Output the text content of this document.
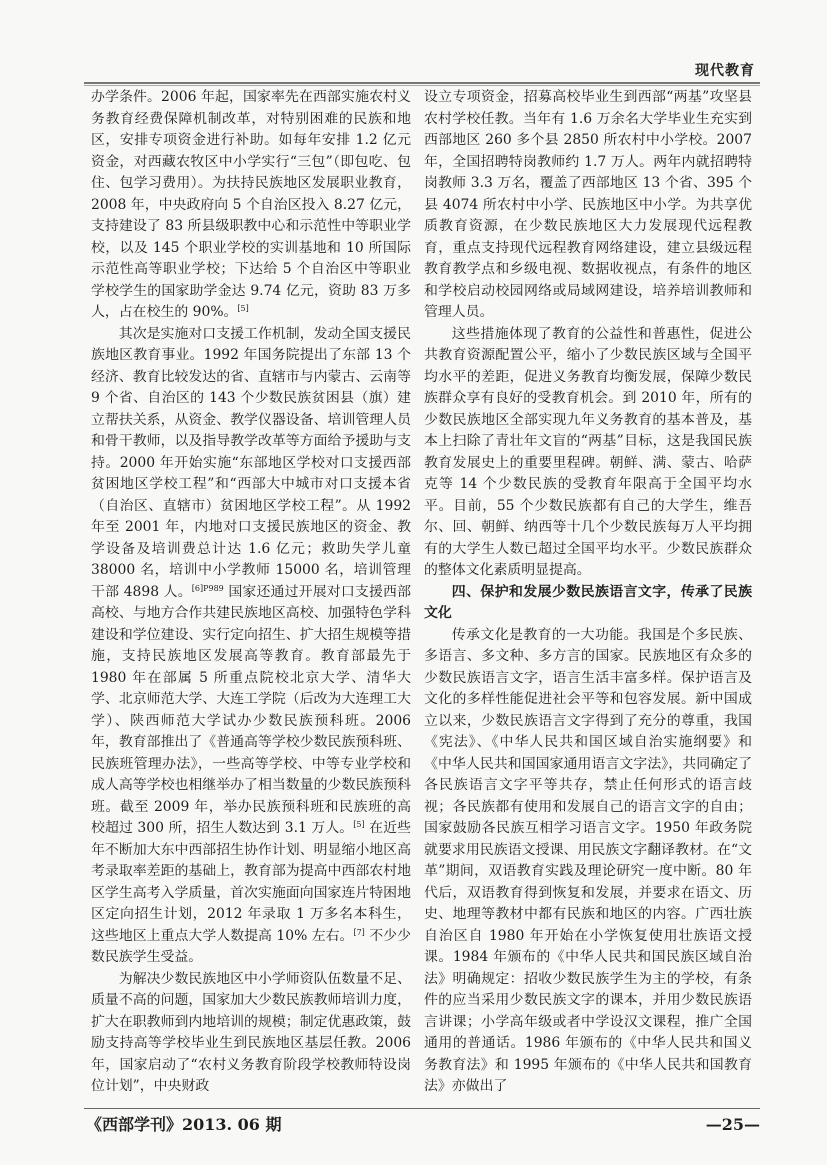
现代教育

办学条件。2006 年起，国家率先在西部实施农村义务教育经费保障机制改革，对特别困难的民族和地区，安排专项资金进行补助。如每年安排 1.2 亿元资金，对西藏农牧区中小学实行“三包”（即包吃、包住、包学习费用）。为扶持民族地区发展职业教育，2008 年，中央政府向 5 个自治区投入 8.27 亿元，支持建设了 83 所县级职教中心和示范性中等职业学校，以及 145 个职业学校的实训基地和 10 所国际示范性高等职业学校；下达给 5 个自治区中等职业学校学生的国家助学金达 9.74 亿元，资助 83 万多人，占在校生的 90%。[5]

其次是实施对口支援工作机制，发动全国支援民族地区教育事业。1992 年国务院提出了东部 13 个经济、教育比较发达的省、直辖市与内蒙古、云南等 9 个省、自治区的 143 个少数民族贫困县（旗）建立帮扶关系，从资金、教学仪器设备、培训管理人员和骨干教师，以及指导教学改革等方面给予援助与支持。2000 年开始实施“东部地区学校对口支援西部贫困地区学校工程”和“西部大中城市对口支援本省（自治区、直辖市）贫困地区学校工程”。从 1992 年至 2001 年，内地对口支援民族地区的资金、教学设备及培训费总计达 1.6 亿元；救助失学儿童 38000 名，培训中小学教师 15000 名，培训管理干部 4898 人。$^{[6]P989}$ 国家还通过开展对口支援西部高校、与地方合作共建民族地区高校、加强特色学科建设和学位建设、实行定向招生、扩大招生规模等措施，支持民族地区发展高等教育。教育部最先于 1980 年在部属 5 所重点院校北京大学、清华大学、北京师范大学、大连工学院（后改为大连理工大学）、陕西师范大学试办少数民族预科班。2006 年，教育部推出了《普通高等学校少数民族预科班、民族班管理办法》，一些高等学校、中等专业学校和成人高等学校也相继举办了相当数量的少数民族预科班。截至 2009 年，举办民族预科班和民族班的高校超过 300 所，招生人数达到 3.1 万人。[5] 在近些年不断加大东中西部招生协作计划、明显缩小地区高考录取率差距的基础上，教育部为提高中西部农村地区学生高考入学质量，首次实施面向国家连片特困地区定向招生计划，2012 年录取 1 万多名本科生，这些地区上重点大学人数提高 10% 左右。[7] 不少少数民族学生受益。

为解决少数民族地区中小学师资队伍数量不足、质量不高的问题，国家加大少数民族教师培训力度，扩大在职教师到内地培训的规模；制定优惠政策，鼓励支持高等学校毕业生到民族地区基层任教。2006 年，国家启动了“农村义务教育阶段学校教师特设岗位计划”，中央财政

设立专项资金，招募高校毕业生到西部“两基”攻坚县农村学校任教。当年有 1.6 万余名大学毕业生充实到西部地区 260 多个县 2850 所农村中小学校。2007 年，全国招聘特岗教师约 1.7 万人。两年内就招聘特岗教师 3.3 万名，覆盖了西部地区 13 个省、395 个县 4074 所农村中小学、民族地区中小学。为共享优质教育资源，在少数民族地区大力发展现代远程教育，重点支持现代远程教育网络建设，建立县级远程教育教学点和乡级电视、数据收视点，有条件的地区和学校启动校园网络或局域网建设，培养培训教师和管理人员。

这些措施体现了教育的公益性和普惠性，促进公共教育资源配置公平，缩小了少数民族区域与全国平均水平的差距，促进义务教育均衡发展，保障少数民族群众享有良好的受教育机会。到 2010 年，所有的少数民族地区全部实现九年义务教育的基本普及，基本上扫除了青壮年文盲的“两基”目标，这是我国民族教育发展史上的重要里程碑。朝鲜、满、蒙古、哈萨克等 14 个少数民族的受教育年限高于全国平均水平。目前，55 个少数民族都有自己的大学生，维吾尔、回、朝鲜、纳西等十几个少数民族每万人平均拥有的大学生人数已超过全国平均水平。少数民族群众的整体文化素质明显提高。

四、保护和发展少数民族语言文字，传承了民族文化

传承文化是教育的一大功能。我国是个多民族、多语言、多文种、多方言的国家。民族地区有众多的少数民族语言文字，语言生活丰富多样。保护语言及文化的多样性能促进社会平等和包容发展。新中国成立以来，少数民族语言文字得到了充分的尊重，我国《宪法》、《中华人民共和国区域自治实施纲要》和《中华人民共和国国家通用语言文字法》，共同确定了各民族语言文字平等共存，禁止任何形式的语言歧视；各民族都有使用和发展自己的语言文字的自由；国家鼓励各民族互相学习语言文字。1950 年政务院就要求用民族语文授课、用民族文字翻译教材。在“文革”期间，双语教育实践及理论研究一度中断。80 年代后，双语教育得到恢复和发展，并要求在语文、历史、地理等教材中都有民族和地区的内容。广西壮族自治区自 1980 年开始在小学恢复使用壮族语文授课。1984 年颁布的《中华人民共和国民族区域自治法》明确规定：招收少数民族学生为主的学校，有条件的应当采用少数民族文字的课本，并用少数民族语言讲课；小学高年级或者中学设汉文课程，推广全国通用的普通话。1986 年颁布的《中华人民共和国义务教育法》和 1995 年颁布的《中华人民共和国教育法》亦做出了

《西部学刊》2013. 06 期	—25—
